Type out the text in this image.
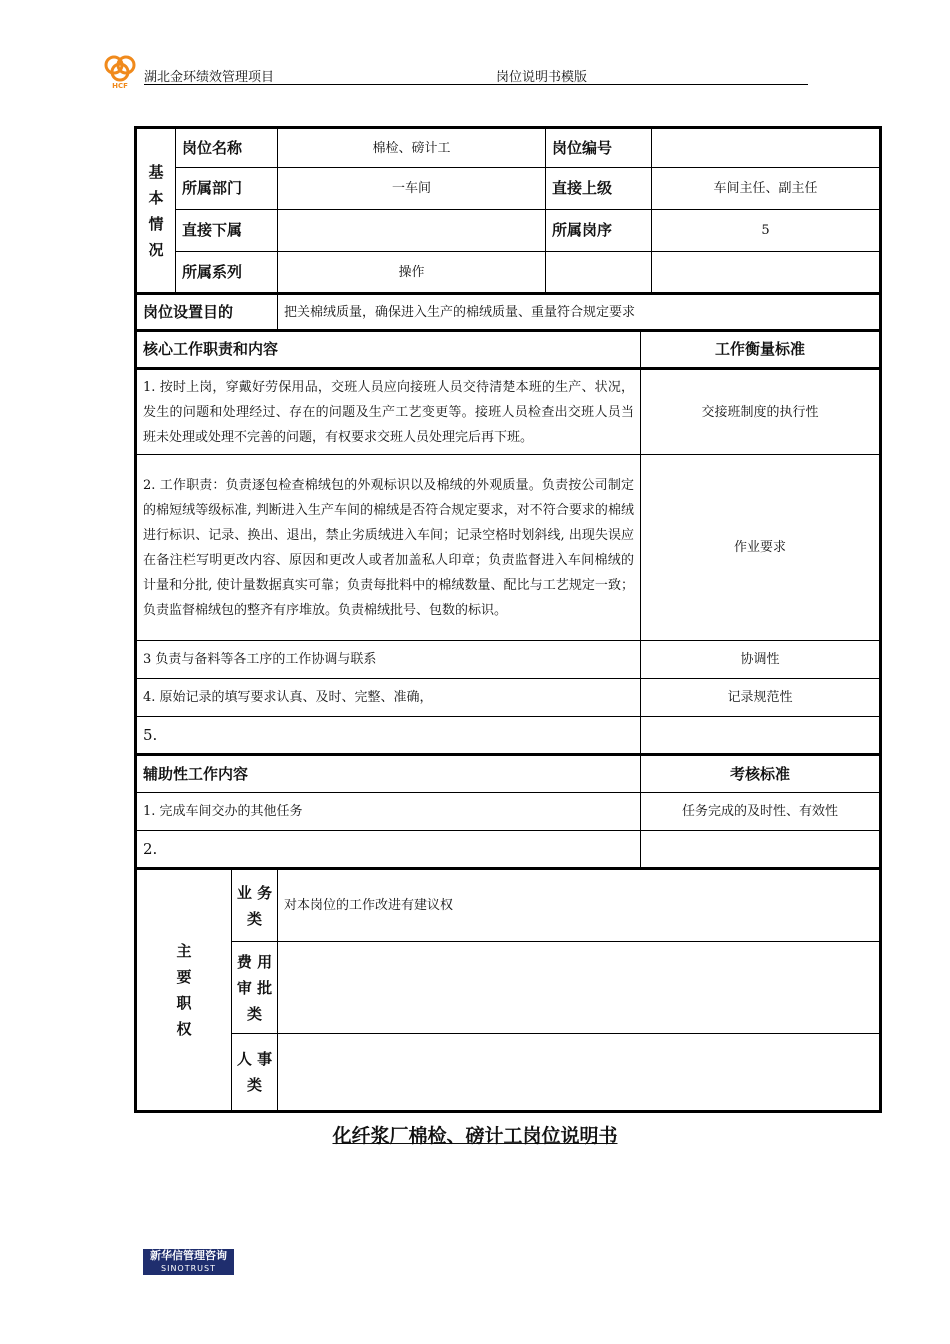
HCF
湖北金环绩效管理项目	岗位说明书模版
基
本
情
况	岗位名称		棉检、磅计工	岗位编号		
	所属部门		一车间	直接上级		车间主任、副主任
	直接下属			所属岗序		5
	所属系列		操作			
岗位设置目的			把关棉绒质量，确保进入生产的棉绒质量、重量符合规定要求			
核心工作职责和内容					工作衡量标准	
1. 按时上岗，穿戴好劳保用品，交班人员应向接班人员交待清楚本班的生产、状况，发生的问题和处理经过、存在的问题及生产工艺变更等。接班人员检查出交班人员当班未处理或处理不完善的问题，有权要求交班人员处理完后再下班。					交接班制度的执行性	
2. 工作职责：负责逐包检查棉绒包的外观标识以及棉绒的外观质量。负责按公司制定的棉短绒等级标准, 判断进入生产车间的棉绒是否符合规定要求，对不符合要求的棉绒进行标识、记录、换出、退出，禁止劣质绒进入车间；记录空格时划斜线, 出现失误应在备注栏写明更改内容、原因和更改人或者加盖私人印章；负责监督进入车间棉绒的计量和分批, 使计量数据真实可靠；负责每批料中的棉绒数量、配比与工艺规定一致；负责监督棉绒包的整齐有序堆放。负责棉绒批号、包数的标识。					作业要求	
3 负责与备料等各工序的工作协调与联系					协调性	
4. 原始记录的填写要求认真、及时、完整、准确，					记录规范性	
5.						
辅助性工作内容					考核标准	
1. 完成车间交办的其他任务					任务完成的及时性、有效性	
2.						

主
要
职
权		业 务 类	对本岗位的工作改进有建议权			
		费 用 审 批 类				
		人 事 类				
化纤浆厂棉检、磅计工岗位说明书
新华信管理咨询
SINOTRUST
